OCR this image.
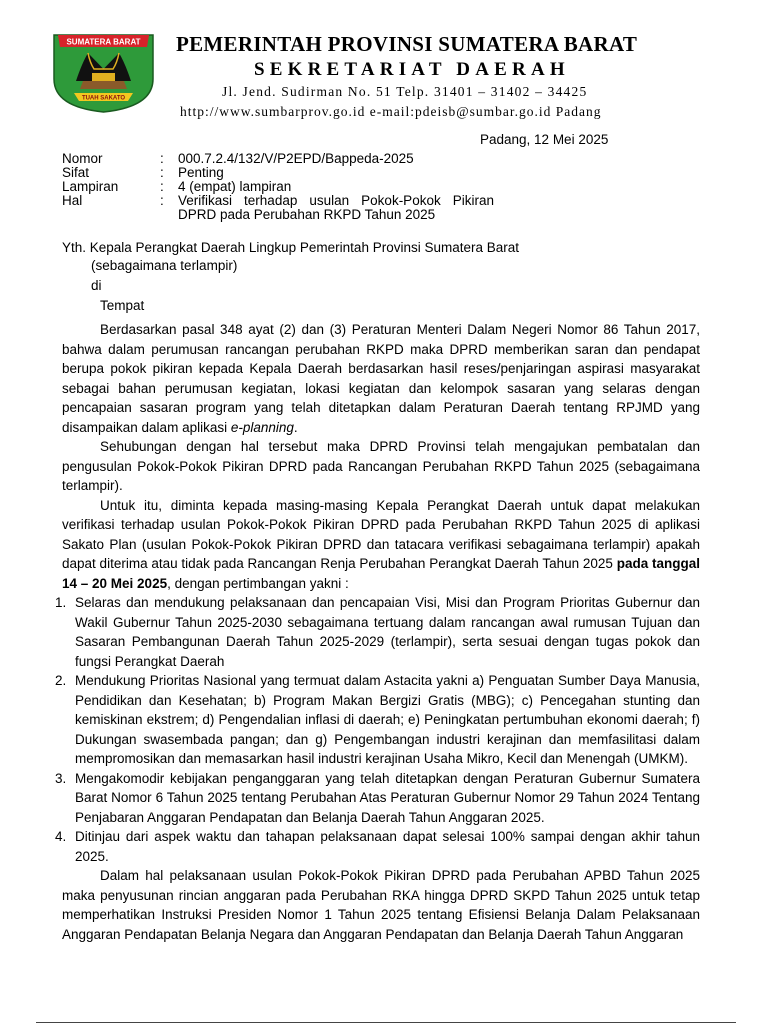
SUMATERA BARAT
TUAH SAKATO
PEMERINTAH PROVINSI SUMATERA BARAT
SEKRETARIAT DAERAH
Jl. Jend. Sudirman No. 51 Telp. 31401 – 31402 – 34425
http://www.sumbarprov.go.id e-mail:pdeisb@sumbar.go.id Padang
Padang, 12 Mei 2025
Nomor	: 000.7.2.4/132/V/P2EPD/Bappeda-2025
Sifat	: Penting
Lampiran	: 4 (empat) lampiran
Hal	: Verifikasi terhadap usulan Pokok-Pokok Pikiran
DPRD pada Perubahan RKPD Tahun 2025
Yth. Kepala Perangkat Daerah Lingkup Pemerintah Provinsi Sumatera Barat
(sebagaimana terlampir)
di
Tempat

Berdasarkan pasal 348 ayat (2) dan (3) Peraturan Menteri Dalam Negeri Nomor 86 Tahun 2017, bahwa dalam perumusan rancangan perubahan RKPD maka DPRD memberikan saran dan pendapat berupa pokok pikiran kepada Kepala Daerah berdasarkan hasil reses/penjaringan aspirasi masyarakat sebagai bahan perumusan kegiatan, lokasi kegiatan dan kelompok sasaran yang selaras dengan pencapaian sasaran program yang telah ditetapkan dalam Peraturan Daerah tentang RPJMD yang disampaikan dalam aplikasi e-planning.

Sehubungan dengan hal tersebut maka DPRD Provinsi telah mengajukan pembatalan dan pengusulan Pokok-Pokok Pikiran DPRD pada Rancangan Perubahan RKPD Tahun 2025 (sebagaimana terlampir).

Untuk itu, diminta kepada masing-masing Kepala Perangkat Daerah untuk dapat melakukan verifikasi terhadap usulan Pokok-Pokok Pikiran DPRD pada Perubahan RKPD Tahun 2025 di aplikasi Sakato Plan (usulan Pokok-Pokok Pikiran DPRD dan tatacara verifikasi sebagaimana terlampir) apakah dapat diterima atau tidak pada Rancangan Renja Perubahan Perangkat Daerah Tahun 2025 pada tanggal 14 – 20 Mei 2025, dengan pertimbangan yakni :

1. Selaras dan mendukung pelaksanaan dan pencapaian Visi, Misi dan Program Prioritas Gubernur dan Wakil Gubernur Tahun 2025-2030 sebagaimana tertuang dalam rancangan awal rumusan Tujuan dan Sasaran Pembangunan Daerah Tahun 2025-2029 (terlampir), serta sesuai dengan tugas pokok dan fungsi Perangkat Daerah
2. Mendukung Prioritas Nasional yang termuat dalam Astacita yakni a) Penguatan Sumber Daya Manusia, Pendidikan dan Kesehatan; b) Program Makan Bergizi Gratis (MBG); c) Pencegahan stunting dan kemiskinan ekstrem; d) Pengendalian inflasi di daerah; e) Peningkatan pertumbuhan ekonomi daerah; f) Dukungan swasembada pangan; dan g) Pengembangan industri kerajinan dan memfasilitasi dalam mempromosikan dan memasarkan hasil industri kerajinan Usaha Mikro, Kecil dan Menengah (UMKM).
3. Mengakomodir kebijakan penganggaran yang telah ditetapkan dengan Peraturan Gubernur Sumatera Barat Nomor 6 Tahun 2025 tentang Perubahan Atas Peraturan Gubernur Nomor 29 Tahun 2024 Tentang Penjabaran Anggaran Pendapatan dan Belanja Daerah Tahun Anggaran 2025.
4. Ditinjau dari aspek waktu dan tahapan pelaksanaan dapat selesai 100% sampai dengan akhir tahun 2025.

Dalam hal pelaksanaan usulan Pokok-Pokok Pikiran DPRD pada Perubahan APBD Tahun 2025 maka penyusunan rincian anggaran pada Perubahan RKA hingga DPRD SKPD Tahun 2025 untuk tetap memperhatikan Instruksi Presiden Nomor 1 Tahun 2025 tentang Efisiensi Belanja Dalam Pelaksanaan Anggaran Pendapatan Belanja Negara dan Anggaran Pendapatan dan Belanja Daerah Tahun Anggaran
